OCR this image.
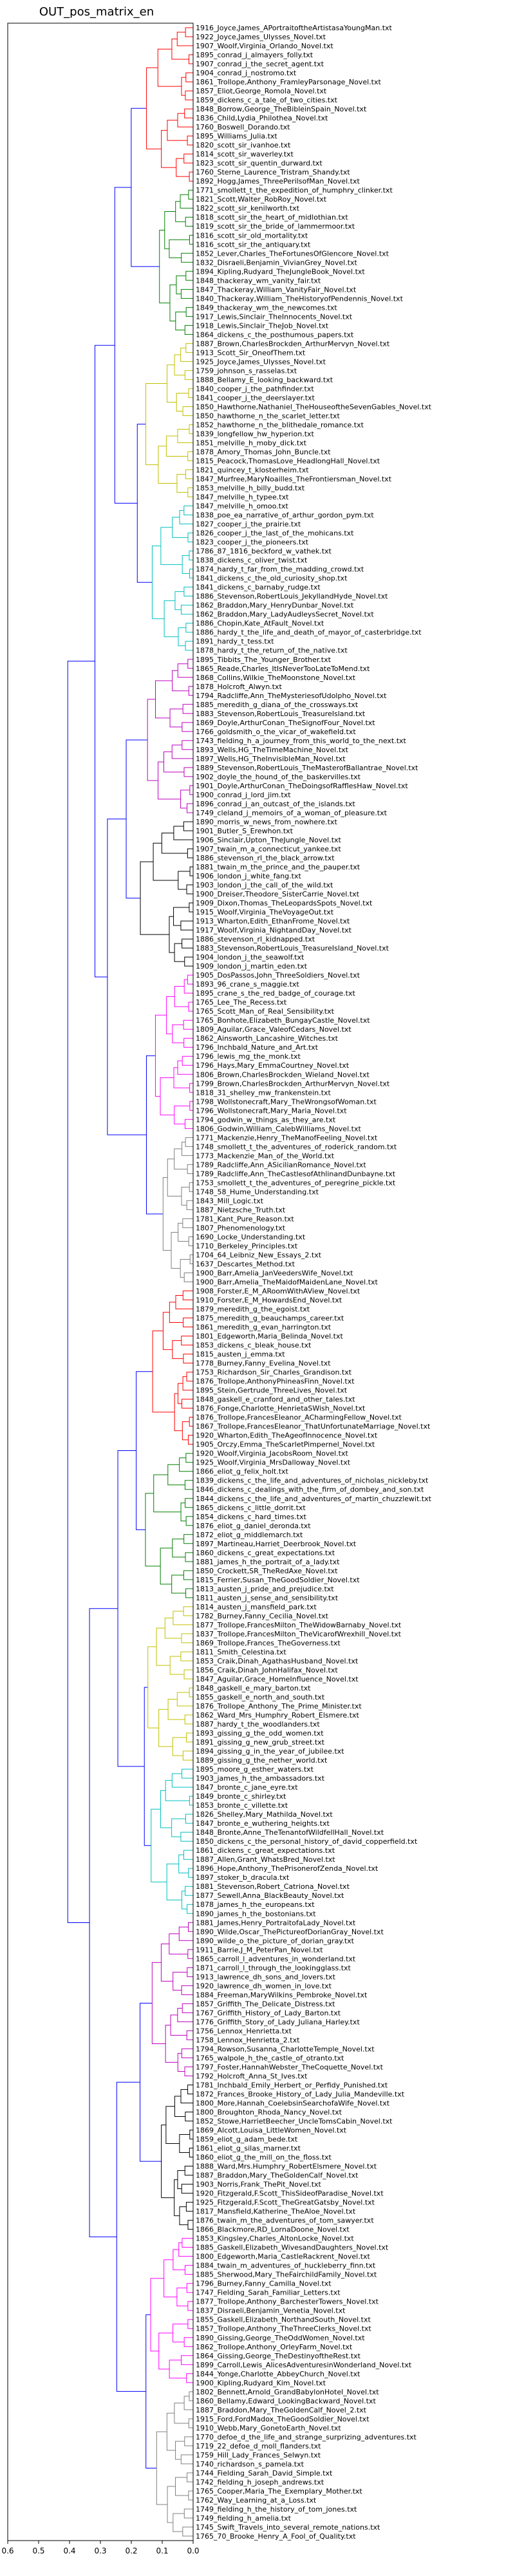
OUT_pos_matrix_en
1916_Joyce,James_APortraitoftheArtistasaYoungMan.txt
1922_Joyce,James_Ulysses_Novel.txt
1907_Woolf,Virginia_Orlando_Novel.txt
1895_conrad_j_almayers_folly.txt
1907_conrad_j_the_secret_agent.txt
1904_conrad_j_nostromo.txt
1861_Trollope,Anthony_FramleyParsonage_Novel.txt
1857_Eliot,George_Romola_Novel.txt
1859_dickens_c_a_tale_of_two_cities.txt
1848_Borrow,George_TheBibleinSpain_Novel.txt
1836_Child,Lydia_Philothea_Novel.txt
1760_Boswell_Dorando.txt
1895_Williams_Julia.txt
1820_scott_sir_ivanhoe.txt
1814_scott_sir_waverley.txt
1823_scott_sir_quentin_durward.txt
1760_Sterne_Laurence_Tristram_Shandy.txt
1892_Hogg,James_ThreePerilsofMan_Novel.txt
1771_smollett_t_the_expedition_of_humphry_clinker.txt
1821_Scott,Walter_RobRoy_Novel.txt
1822_scott_sir_kenilworth.txt
1818_scott_sir_the_heart_of_midlothian.txt
1819_scott_sir_the_bride_of_lammermoor.txt
1816_scott_sir_old_mortality.txt
1816_scott_sir_the_antiquary.txt
1852_Lever,Charles_TheFortunesOfGlencore_Novel.txt
1832_Disraeli,Benjamin_VivianGrey_Novel.txt
1894_Kipling,Rudyard_TheJungleBook_Novel.txt
1848_thackeray_wm_vanity_fair.txt
1847_Thackeray,William_VanityFair_Novel.txt
1840_Thackeray,William_TheHistoryofPendennis_Novel.txt
1849_thackeray_wm_the_newcomes.txt
1917_Lewis,Sinclair_TheInnocents_Novel.txt
1918_Lewis,Sinclair_TheJob_Novel.txt
1864_dickens_c_the_posthumous_papers.txt
1887_Brown,CharlesBrockden_ArthurMervyn_Novel.txt
1913_Scott_Sir_OneofThem.txt
1925_Joyce,James_Ulysses_Novel.txt
1759_johnson_s_rasselas.txt
1888_Bellamy_E_looking_backward.txt
1840_cooper_j_the_pathfinder.txt
1841_cooper_j_the_deerslayer.txt
1850_Hawthorne,Nathaniel_TheHouseoftheSevenGables_Novel.txt
1850_hawthorne_n_the_scarlet_letter.txt
1852_hawthorne_n_the_blithedale_romance.txt
1839_longfellow_hw_hyperion.txt
1851_melville_h_moby_dick.txt
1878_Amory_Thomas_John_Buncle.txt
1815_Peacock,ThomasLove_HeadlongHall_Novel.txt
1821_quincey_t_klosterheim.txt
1847_Murfree,MaryNoailles_TheFrontiersman_Novel.txt
1853_melville_h_billy_budd.txt
1847_melville_h_typee.txt
1847_melville_h_omoo.txt
1838_poe_ea_narrative_of_arthur_gordon_pym.txt
1827_cooper_j_the_prairie.txt
1826_cooper_j_the_last_of_the_mohicans.txt
1823_cooper_j_the_pioneers.txt
1786_87_1816_beckford_w_vathek.txt
1838_dickens_c_oliver_twist.txt
1874_hardy_t_far_from_the_madding_crowd.txt
1841_dickens_c_the_old_curiosity_shop.txt
1841_dickens_c_barnaby_rudge.txt
1886_Stevenson,RobertLouis_JekyllandHyde_Novel.txt
1862_Braddon,Mary_HenryDunbar_Novel.txt
1862_Braddon,Mary_LadyAudleysSecret_Novel.txt
1886_Chopin,Kate_AtFault_Novel.txt
1886_hardy_t_the_life_and_death_of_mayor_of_casterbridge.txt
1891_hardy_t_tess.txt
1878_hardy_t_the_return_of_the_native.txt
1895_Tibbits_The_Younger_Brother.txt
1865_Reade,Charles_ItIsNeverTooLateToMend.txt
1868_Collins,Wilkie_TheMoonstone_Novel.txt
1878_Holcroft_Alwyn.txt
1794_Radcliffe,Ann_TheMysteriesofUdolpho_Novel.txt
1885_meredith_g_diana_of_the_crossways.txt
1883_Stevenson,RobertLouis_TreasureIsland.txt
1869_Doyle,ArthurConan_TheSignofFour_Novel.txt
1766_goldsmith_o_the_vicar_of_wakefield.txt
1743_fielding_h_a_journey_from_this_world_to_the_next.txt
1893_Wells,HG_TheTimeMachine_Novel.txt
1897_Wells,HG_TheInvisibleMan_Novel.txt
1889_Stevenson,RobertLouis_TheMasterofBallantrae_Novel.txt
1902_doyle_the_hound_of_the_baskervilles.txt
1901_Doyle,ArthurConan_TheDoingsofRafflesHaw_Novel.txt
1900_conrad_j_lord_jim.txt
1896_conrad_j_an_outcast_of_the_islands.txt
1749_cleland_j_memoirs_of_a_woman_of_pleasure.txt
1890_morris_w_news_from_nowhere.txt
1901_Butler_S_Erewhon.txt
1906_Sinclair,Upton_TheJungle_Novel.txt
1907_twain_m_a_connecticut_yankee.txt
1886_stevenson_rl_the_black_arrow.txt
1881_twain_m_the_prince_and_the_pauper.txt
1906_london_j_white_fang.txt
1903_london_j_the_call_of_the_wild.txt
1900_Dreiser,Theodore_SisterCarrie_Novel.txt
1909_Dixon,Thomas_TheLeopardsSpots_Novel.txt
1915_Woolf,Virginia_TheVoyageOut.txt
1913_Wharton,Edith_EthanFrome_Novel.txt
1917_Woolf,Virginia_NightandDay_Novel.txt
1886_stevenson_rl_kidnapped.txt
1883_Stevenson,RobertLouis_TreasureIsland_Novel.txt
1904_london_j_the_seawolf.txt
1909_london_j_martin_eden.txt
1905_DosPassos,John_ThreeSoldiers_Novel.txt
1893_96_crane_s_maggie.txt
1895_crane_s_the_red_badge_of_courage.txt
1765_Lee_The_Recess.txt
1765_Scott_Man_of_Real_Sensibility.txt
1765_Bonhote,Elizabeth_BungayCastle_Novel.txt
1809_Aguilar,Grace_ValeofCedars_Novel.txt
1862_Ainsworth_Lancashire_Witches.txt
1796_Inchbald_Nature_and_Art.txt
1796_lewis_mg_the_monk.txt
1796_Hays,Mary_EmmaCourtney_Novel.txt
1806_Brown,CharlesBrockden_Wieland_Novel.txt
1799_Brown,CharlesBrockden_ArthurMervyn_Novel.txt
1818_31_shelley_mw_frankenstein.txt
1798_Wollstonecraft,Mary_TheWrongsofWoman.txt
1796_Wollstonecraft,Mary_Maria_Novel.txt
1794_godwin_w_things_as_they_are.txt
1806_Godwin,William_CalebWilliams_Novel.txt
1771_Mackenzie,Henry_TheManofFeeling_Novel.txt
1748_smollett_t_the_adventures_of_roderick_random.txt
1773_Mackenzie_Man_of_the_World.txt
1789_Radcliffe,Ann_ASicilianRomance_Novel.txt
1789_Radcliffe,Ann_TheCastlesofAthlinandDunbayne.txt
1753_smollett_t_the_adventures_of_peregrine_pickle.txt
1748_58_Hume_Understanding.txt
1843_Mill_Logic.txt
1887_Nietzsche_Truth.txt
1781_Kant_Pure_Reason.txt
1807_Phenomenology.txt
1690_Locke_Understanding.txt
1710_Berkeley_Principles.txt
1704_64_Leibniz_New_Essays_2.txt
1637_Descartes_Method.txt
1900_Barr,Amelia_JanVeedersWife_Novel.txt
1900_Barr,Amelia_TheMaidofMaidenLane_Novel.txt
1908_Forster,E_M_ARoomWithAView_Novel.txt
1910_Forster,E_M_HowardsEnd_Novel.txt
1879_meredith_g_the_egoist.txt
1875_meredith_g_beauchamps_career.txt
1861_meredith_g_evan_harrington.txt
1801_Edgeworth,Maria_Belinda_Novel.txt
1853_dickens_c_bleak_house.txt
1815_austen_j_emma.txt
1778_Burney,Fanny_Evelina_Novel.txt
1753_Richardson_Sir_Charles_Grandison.txt
1876_Trollope,AnthonyPhineasFinn_Novel.txt
1895_Stein,Gertrude_ThreeLives_Novel.txt
1848_gaskell_e_cranford_and_other_tales.txt
1876_Fonge,Charlotte_HenrietaSWish_Novel.txt
1876_Trollope,FrancesEleanor_ACharmingFellow_Novel.txt
1867_Trollope,FrancesEleanor_ThatUnfortunateMarriage_Novel.txt
1920_Wharton,Edith_TheAgeofInnocence_Novel.txt
1905_Orczy,Emma_TheScarletPimpernel_Novel.txt
1920_Woolf,Virginia_JacobsRoom_Novel.txt
1925_Woolf,Virginia_MrsDalloway_Novel.txt
1866_eliot_g_felix_holt.txt
1839_dickens_c_the_life_and_adventures_of_nicholas_nickleby.txt
1846_dickens_c_dealings_with_the_firm_of_dombey_and_son.txt
1844_dickens_c_the_life_and_adventures_of_martin_chuzzlewit.txt
1865_dickens_c_little_dorrit.txt
1854_dickens_c_hard_times.txt
1876_eliot_g_daniel_deronda.txt
1872_eliot_g_middlemarch.txt
1897_Martineau,Harriet_Deerbrook_Novel.txt
1860_dickens_c_great_expectations.txt
1881_james_h_the_portrait_of_a_lady.txt
1850_Crockett,SR_TheRedAxe_Novel.txt
1815_Ferrier,Susan_TheGoodSoldier_Novel.txt
1813_austen_j_pride_and_prejudice.txt
1811_austen_j_sense_and_sensibility.txt
1814_austen_j_mansfield_park.txt
1782_Burney,Fanny_Cecilia_Novel.txt
1877_Trollope,FrancesMilton_TheWidowBarnaby_Novel.txt
1837_Trollope,FrancesMilton_TheVicarofWrexhill_Novel.txt
1869_Trollope,Frances_TheGoverness.txt
1811_Smith_Celestina.txt
1853_Craik,Dinah_AgathasHusband_Novel.txt
1856_Craik,Dinah_JohnHalifax_Novel.txt
1847_Aguilar,Grace_HomeInfluence_Novel.txt
1848_gaskell_e_mary_barton.txt
1855_gaskell_e_north_and_south.txt
1876_Trollope_Anthony_The_Prime_Minister.txt
1862_Ward_Mrs_Humphry_Robert_Elsmere.txt
1887_hardy_t_the_woodlanders.txt
1893_gissing_g_the_odd_women.txt
1891_gissing_g_new_grub_street.txt
1894_gissing_g_in_the_year_of_jubilee.txt
1889_gissing_g_the_nether_world.txt
1895_moore_g_esther_waters.txt
1903_james_h_the_ambassadors.txt
1847_bronte_c_jane_eyre.txt
1849_bronte_c_shirley.txt
1853_bronte_c_villette.txt
1826_Shelley,Mary_Mathilda_Novel.txt
1847_bronte_e_wuthering_heights.txt
1848_Bronte,Anne_TheTenantofWildfellHall_Novel.txt
1850_dickens_c_the_personal_history_of_david_copperfield.txt
1861_dickens_c_great_expectations.txt
1887_Allen,Grant_WhatsBred_Novel.txt
1896_Hope,Anthony_ThePrisonerofZenda_Novel.txt
1897_stoker_b_dracula.txt
1881_Stevenson,Robert_Catriona_Novel.txt
1877_Sewell,Anna_BlackBeauty_Novel.txt
1878_james_h_the_europeans.txt
1890_james_h_the_bostonians.txt
1881_James,Henry_PortraitofaLady_Novel.txt
1890_Wilde,Oscar_ThePictureofDorianGray_Novel.txt
1890_wilde_o_the_picture_of_dorian_gray.txt
1911_Barrie,J_M_PeterPan_Novel.txt
1865_carroll_l_adventures_in_wonderland.txt
1871_carroll_l_through_the_lookingglass.txt
1913_lawrence_dh_sons_and_lovers.txt
1920_lawrence_dh_women_in_love.txt
1884_Freeman,MaryWilkins_Pembroke_Novel.txt
1857_Griffith_The_Delicate_Distress.txt
1767_Griffith_History_of_Lady_Barton.txt
1776_Griffith_Story_of_Lady_Juliana_Harley.txt
1756_Lennox_Henrietta.txt
1758_Lennox_Henrietta_2.txt
1794_Rowson,Susanna_CharlotteTemple_Novel.txt
1765_walpole_h_the_castle_of_otranto.txt
1797_Foster,HannahWebster_TheCoquette_Novel.txt
1792_Holcroft_Anna_St_Ives.txt
1781_Inchbald_Emily_Herbert_or_Perfidy_Punished.txt
1872_Frances_Brooke_History_of_Lady_Julia_Mandeville.txt
1800_More,Hannah_CoelebsinSearchofaWife_Novel.txt
1800_Broughton_Rhoda_Nancy_Novel.txt
1852_Stowe,HarrietBeecher_UncleTomsCabin_Novel.txt
1869_Alcott,Louisa_LittleWomen_Novel.txt
1859_eliot_g_adam_bede.txt
1861_eliot_g_silas_marner.txt
1860_eliot_g_the_mill_on_the_floss.txt
1888_Ward,Mrs.Humphry_RobertElsmere_Novel.txt
1887_Braddon,Mary_TheGoldenCalf_Novel.txt
1903_Norris,Frank_ThePit_Novel.txt
1920_Fitzgerald,F.Scott_ThisSideofParadise_Novel.txt
1925_Fitzgerald,F.Scott_TheGreatGatsby_Novel.txt
1817_Mansfield,Katherine_TheAloe_Novel.txt
1876_twain_m_the_adventures_of_tom_sawyer.txt
1866_Blackmore,RD_LornaDoone_Novel.txt
1853_Kingsley,Charles_AltonLocke_Novel.txt
1885_Gaskell,Elizabeth_WivesandDaughters_Novel.txt
1800_Edgeworth,Maria_CastleRackrent_Novel.txt
1884_twain_m_adventures_of_huckleberry_finn.txt
1885_Sherwood,Mary_TheFairchildFamily_Novel.txt
1796_Burney,Fanny_Camilla_Novel.txt
1747_Fielding_Sarah_Familiar_Letters.txt
1877_Trollope,Anthony_BarchesterTowers_Novel.txt
1837_Disraeli,Benjamin_Venetia_Novel.txt
1855_Gaskell,Elizabeth_NorthandSouth_Novel.txt
1857_Trollope,Anthony_TheThreeClerks_Novel.txt
1890_Gissing,George_TheOddWomen_Novel.txt
1862_Trollope,Anthony_OrleyFarm_Novel.txt
1864_Gissing,George_TheDestinyoftheRest.txt
1899_Carroll,Lewis_AlicesAdventuresinWonderland_Novel.txt
1844_Yonge,Charlotte_AbbeyChurch_Novel.txt
1900_Kipling,Rudyard_Kim_Novel.txt
1802_Bennett,Arnold_GrandBabylonHotel_Novel.txt
1860_Bellamy,Edward_LookingBackward_Novel.txt
1887_Braddon,Mary_TheGoldenCalf_Novel_2.txt
1915_Ford,FordMadox_TheGoodSoldier_Novel.txt
1910_Webb,Mary_GonetoEarth_Novel.txt
1770_defoe_d_the_life_and_strange_surprizing_adventures.txt
1719_22_defoe_d_moll_flanders.txt
1759_Hill_Lady_Frances_Selwyn.txt
1740_richardson_s_pamela.txt
1744_Fielding_Sarah_David_Simple.txt
1742_fielding_h_joseph_andrews.txt
1765_Cooper,Maria_The_Exemplary_Mother.txt
1762_Way_Learning_at_a_Loss.txt
1749_fielding_h_the_history_of_tom_jones.txt
1749_fielding_h_amelia.txt
1745_Swift_Travels_into_several_remote_nations.txt
1765_70_Brooke_Henry_A_Fool_of_Quality.txt
0.6 0.5 0.4 0.3 0.2 0.1 0.0
